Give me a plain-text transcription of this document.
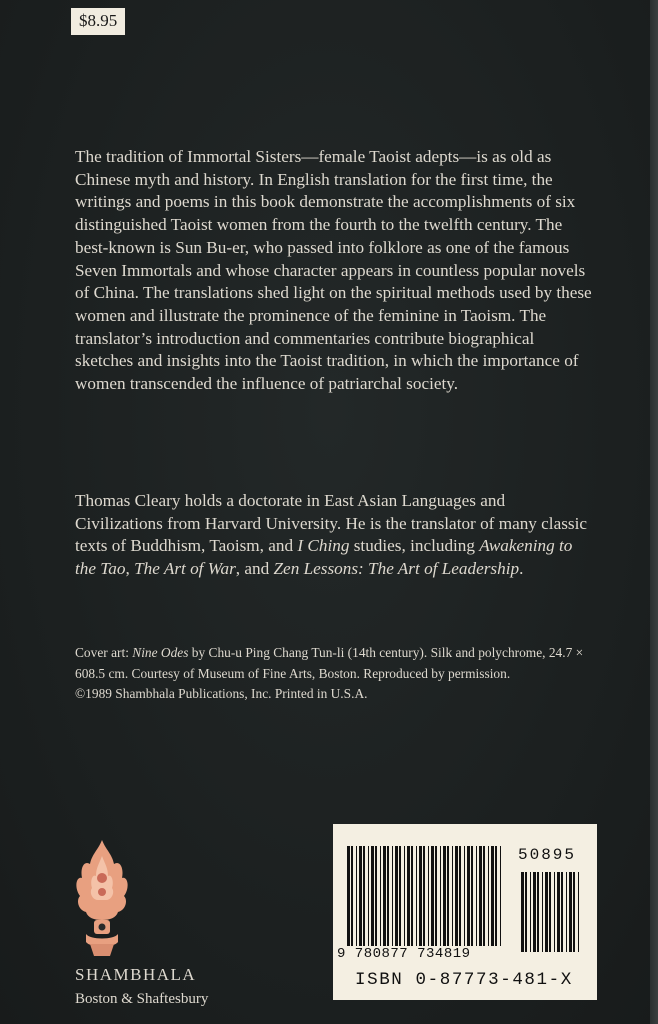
$8.95

The tradition of Immortal Sisters—female Taoist adepts—is as old as Chinese myth and history. In English translation for the first time, the writings and poems in this book demonstrate the accomplishments of six distinguished Taoist women from the fourth to the twelfth century. The best-known is Sun Bu-er, who passed into folklore as one of the famous Seven Immortals and whose character appears in countless popular novels of China. The translations shed light on the spiritual methods used by these women and illustrate the prominence of the feminine in Taoism. The translator’s introduction and commentaries contribute biographical sketches and insights into the Taoist tradition, in which the importance of women transcended the influence of patriarchal society.

Thomas Cleary holds a doctorate in East Asian Languages and Civilizations from Harvard University. He is the translator of many classic texts of Buddhism, Taoism, and I Ching studies, including Awakening to the Tao, The Art of War, and Zen Lessons: The Art of Leadership.

Cover art: Nine Odes by Chu-u Ping Chang Tun-li (14th century). Silk and polychrome, 24.7 × 608.5 cm. Courtesy of Museum of Fine Arts, Boston. Reproduced by permission.
©1989 Shambhala Publications, Inc. Printed in U.S.A.

SHAMBHALA
Boston & Shaftesbury
50895
9 780877 734819
ISBN 0-87773-481-X
